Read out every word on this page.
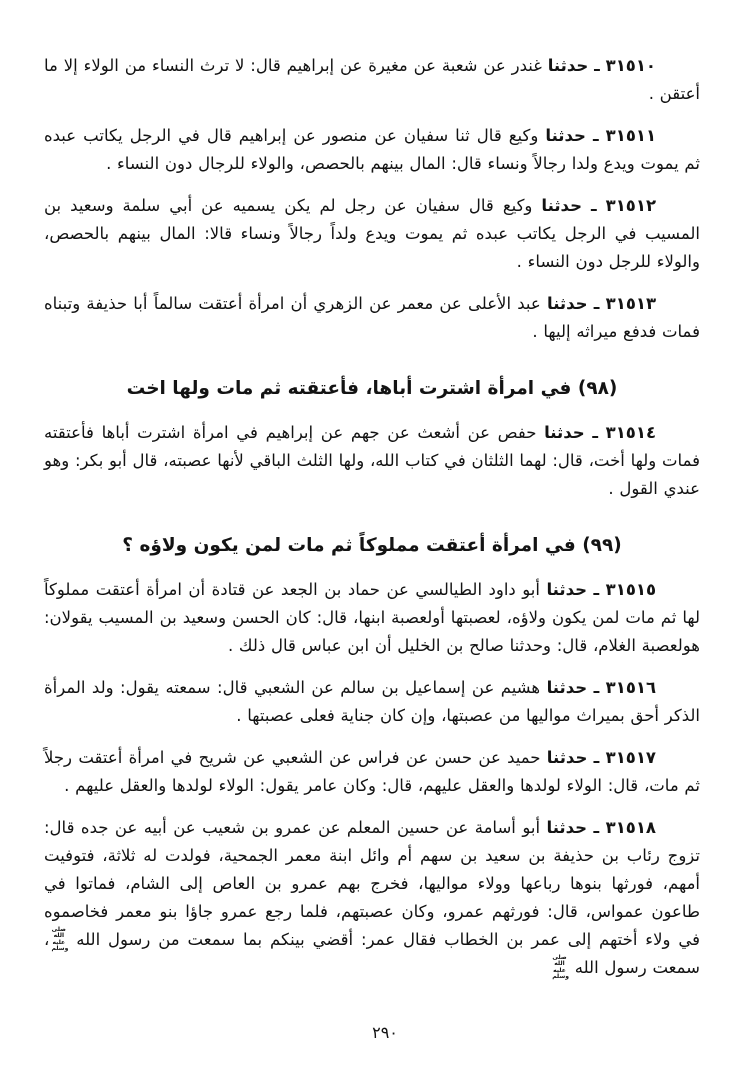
٣١٥١٠ ـ حدثنا غندر عن شعبة عن مغيرة عن إبراهيم قال: لا ترث النساء من الولاء إلا ما أعتقن .

٣١٥١١ ـ حدثنا وكيع قال ثنا سفيان عن منصور عن إبراهيم قال في الرجل يكاتب عبده ثم يموت ويدع ولدا رجالاً ونساء قال: المال بينهم بالحصص، والولاء للرجال دون النساء .

٣١٥١٢ ـ حدثنا وكيع قال سفيان عن رجل لم يكن يسميه عن أبي سلمة وسعيد بن المسيب في الرجل يكاتب عبده ثم يموت ويدع ولداً رجالاً ونساء قالا: المال بينهم بالحصص، والولاء للرجل دون النساء .

٣١٥١٣ ـ حدثنا عبد الأعلى عن معمر عن الزهري أن امرأة أعتقت سالماً أبا حذيفة وتبناه فمات فدفع ميراثه إليها .

(٩٨) في امرأة اشترت أباها، فأعتقته ثم مات ولها اخت

٣١٥١٤ ـ حدثنا حفص عن أشعث عن جهم عن إبراهيم في امرأة اشترت أباها فأعتقته فمات ولها أخت، قال: لهما الثلثان في كتاب الله، ولها الثلث الباقي لأنها عصبته، قال أبو بكر: وهو عندي القول .

(٩٩) في امرأة أعتقت مملوكاً ثم مات لمن يكون ولاؤه ؟

٣١٥١٥ ـ حدثنا أبو داود الطيالسي عن حماد بن الجعد عن قتادة أن امرأة أعتقت مملوكاً لها ثم مات لمن يكون ولاؤه، لعصبتها أولعصبة ابنها، قال: كان الحسن وسعيد بن المسيب يقولان: هولعصبة الغلام، قال: وحدثنا صالح بن الخليل أن ابن عباس قال ذلك .

٣١٥١٦ ـ حدثنا هشيم عن إسماعيل بن سالم عن الشعبي قال: سمعته يقول: ولد المرأة الذكر أحق بميراث مواليها من عصبتها، وإن كان جناية فعلى عصبتها .

٣١٥١٧ ـ حدثنا حميد عن حسن عن فراس عن الشعبي عن شريح في امرأة أعتقت رجلاً ثم مات، قال: الولاء لولدها والعقل عليهم، قال: وكان عامر يقول: الولاء لولدها والعقل عليهم .

٣١٥١٨ ـ حدثنا أبو أسامة عن حسين المعلم عن عمرو بن شعيب عن أبيه عن جده قال: تزوج رئاب بن حذيفة بن سعيد بن سهم أم وائل ابنة معمر الجمحية، فولدت له ثلاثة، فتوفيت أمهم، فورثها بنوها رباعها وولاء مواليها، فخرج بهم عمرو بن العاص إلى الشام، فماتوا في طاعون عمواس، قال: فورثهم عمرو، وكان عصبتهم، فلما رجع عمرو جاؤا بنو معمر فخاصموه في ولاء أختهم إلى عمر بن الخطاب فقال عمر: أقضي بينكم بما سمعت من رسول الله صلى الله عليه وسلم، سمعت رسول الله صلى الله عليه وسلم

٢٩٠
